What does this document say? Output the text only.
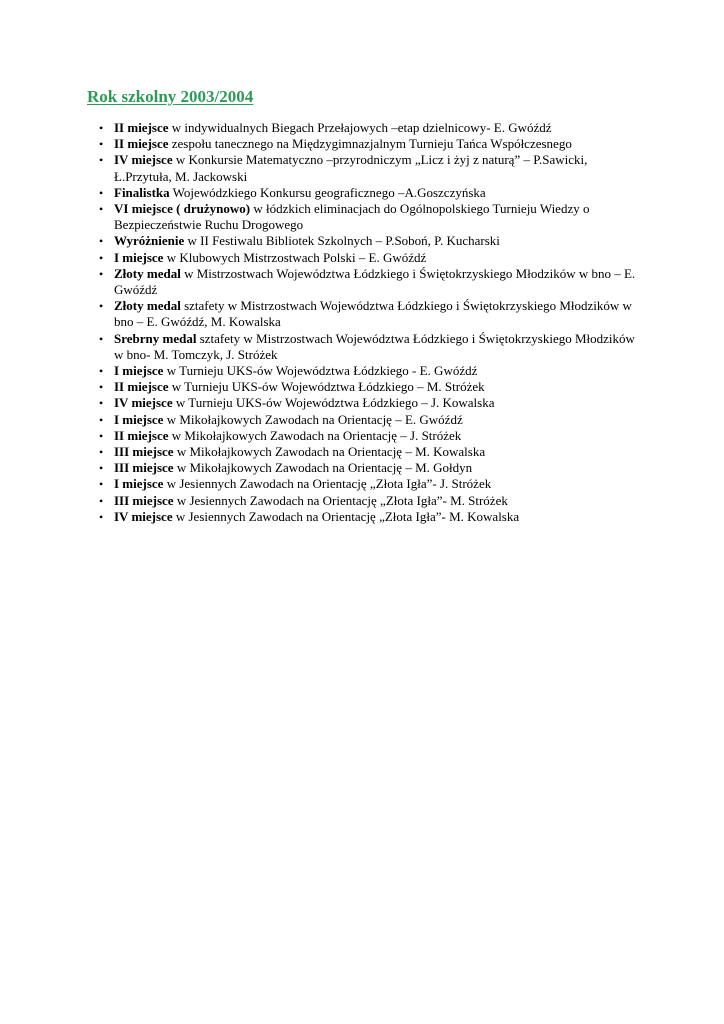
Rok szkolny 2003/2004
• II miejsce w indywidualnych Biegach Przełajowych –etap dzielnicowy- E. Gwóźdź
• II miejsce zespołu tanecznego na Międzygimnazjalnym Turnieju Tańca Współczesnego
• IV miejsce w Konkursie Matematyczno –przyrodniczym „Licz i żyj z naturą” – P.Sawicki, Ł.Przytuła, M. Jackowski
• Finalistka Wojewódzkiego Konkursu geograficznego –A.Goszczyńska
• VI miejsce ( drużynowo) w łódzkich eliminacjach do Ogólnopolskiego Turnieju Wiedzy o Bezpieczeństwie Ruchu Drogowego
• Wyróżnienie w II Festiwalu Bibliotek Szkolnych – P.Soboń, P. Kucharski
• I miejsce w Klubowych Mistrzostwach Polski – E. Gwóźdź
• Złoty medal w Mistrzostwach Województwa Łódzkiego i Świętokrzyskiego Młodzików w bno – E. Gwóźdź
• Złoty medal sztafety w Mistrzostwach Województwa Łódzkiego i Świętokrzyskiego Młodzików w bno – E. Gwóźdź, M. Kowalska
• Srebrny medal sztafety w Mistrzostwach Województwa Łódzkiego i Świętokrzyskiego Młodzików w bno- M. Tomczyk, J. Stróżek
• I miejsce w Turnieju UKS-ów Województwa Łódzkiego - E. Gwóźdź
• II miejsce w Turnieju UKS-ów Województwa Łódzkiego – M. Stróżek
• IV miejsce w Turnieju UKS-ów Województwa Łódzkiego – J. Kowalska
• I miejsce w Mikołajkowych Zawodach na Orientację – E. Gwóźdź
• II miejsce w Mikołajkowych Zawodach na Orientację – J. Stróżek
• III miejsce w Mikołajkowych Zawodach na Orientację – M. Kowalska
• III miejsce w Mikołajkowych Zawodach na Orientację – M. Gołdyn
• I miejsce w Jesiennych Zawodach na Orientację „Złota Igła”- J. Stróżek
• III miejsce w Jesiennych Zawodach na Orientację „Złota Igła”- M. Stróżek
• IV miejsce w Jesiennych Zawodach na Orientację „Złota Igła”- M. Kowalska
